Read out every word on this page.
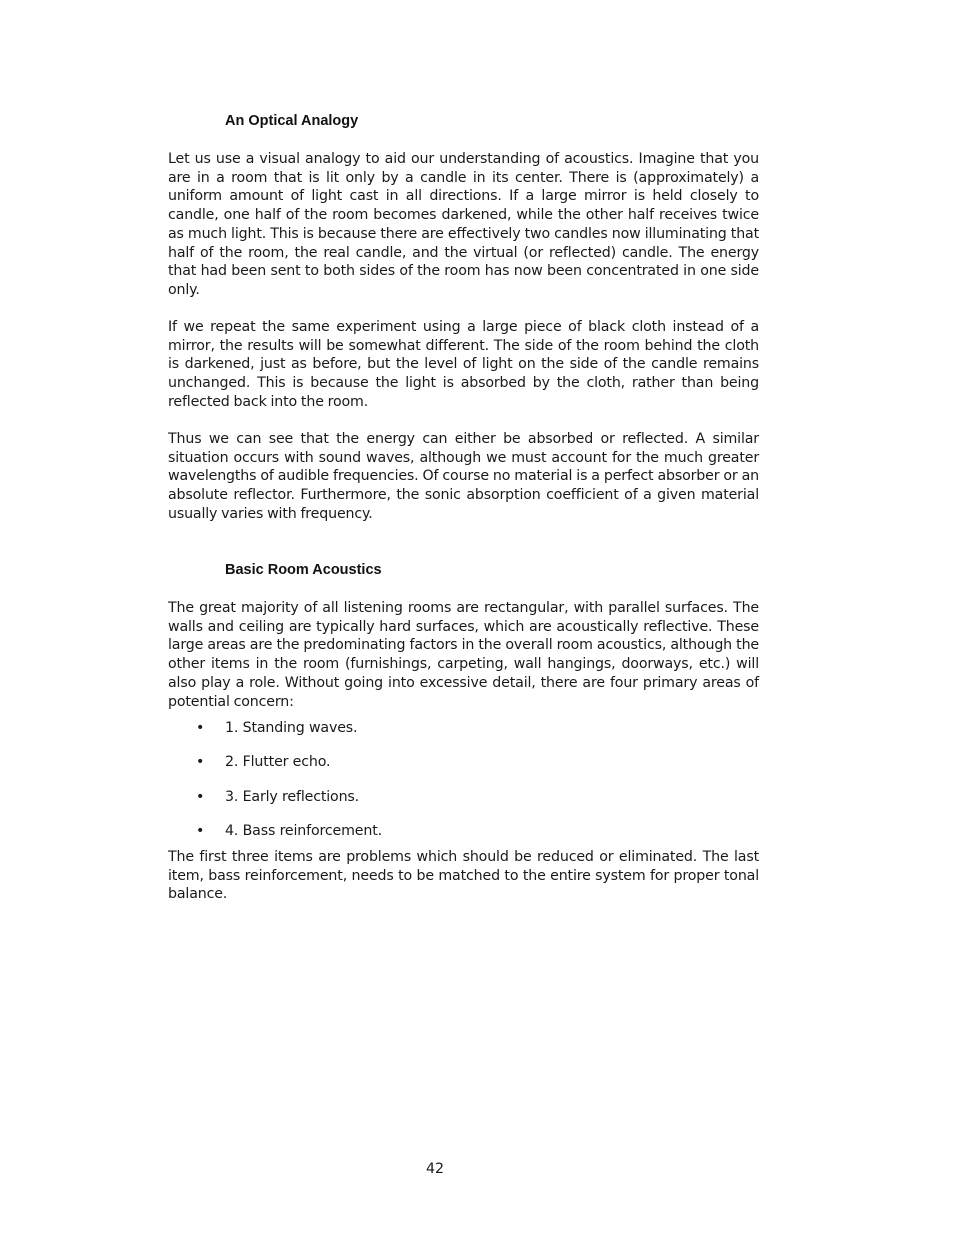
An Optical Analogy

Let us use a visual analogy to aid our understanding of acoustics. Imagine that you are in a room that is lit only by a candle in its center. There is (approximately) a uniform amount of light cast in all directions. If a large mirror is held closely to candle, one half of the room becomes darkened, while the other half receives twice as much light. This is because there are effectively two candles now illuminating that half of the room, the real candle, and the virtual (or reflected) candle. The energy that had been sent to both sides of the room has now been concentrated in one side only.

If we repeat the same experiment using a large piece of black cloth instead of a mirror, the results will be somewhat different. The side of the room behind the cloth is darkened, just as before, but the level of light on the side of the candle remains unchanged. This is because the light is absorbed by the cloth, rather than being reflected back into the room.

Thus we can see that the energy can either be absorbed or reflected. A similar situation occurs with sound waves, although we must account for the much greater wavelengths of audible frequencies. Of course no material is a perfect absorber or an absolute reflector. Furthermore, the sonic absorption coefficient of a given material usually varies with frequency.

Basic Room Acoustics

The great majority of all listening rooms are rectangular, with parallel surfaces. The walls and ceiling are typically hard surfaces, which are acoustically reflective. These large areas are the predominating factors in the overall room acoustics, although the other items in the room (furnishings, carpeting, wall hangings, doorways, etc.) will also play a role. Without going into excessive detail, there are four primary areas of potential concern:

• 1. Standing waves.
• 2. Flutter echo.
• 3. Early reflections.
• 4. Bass reinforcement.

The first three items are problems which should be reduced or eliminated. The last item, bass reinforcement, needs to be matched to the entire system for proper tonal balance.

42
